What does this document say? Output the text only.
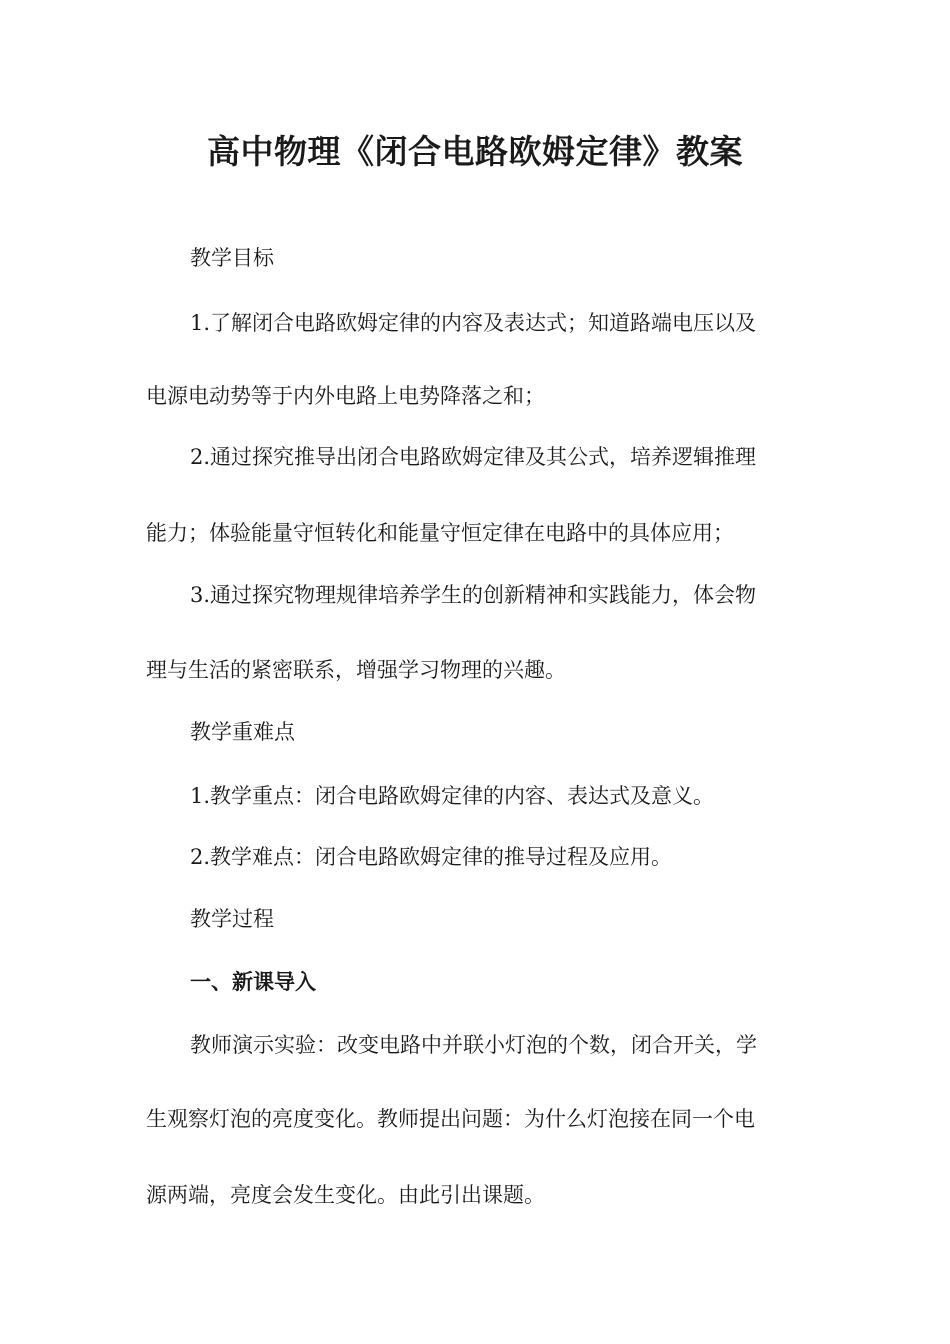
高中物理《闭合电路欧姆定律》教案

教学目标

1.了解闭合电路欧姆定律的内容及表达式；知道路端电压以及

电源电动势等于内外电路上电势降落之和；

2.通过探究推导出闭合电路欧姆定律及其公式，培养逻辑推理

能力；体验能量守恒转化和能量守恒定律在电路中的具体应用；

3.通过探究物理规律培养学生的创新精神和实践能力，体会物

理与生活的紧密联系，增强学习物理的兴趣。

教学重难点

1.教学重点：闭合电路欧姆定律的内容、表达式及意义。

2.教学难点：闭合电路欧姆定律的推导过程及应用。

教学过程

一、新课导入

教师演示实验：改变电路中并联小灯泡的个数，闭合开关，学

生观察灯泡的亮度变化。教师提出问题：为什么灯泡接在同一个电

源两端，亮度会发生变化。由此引出课题。
